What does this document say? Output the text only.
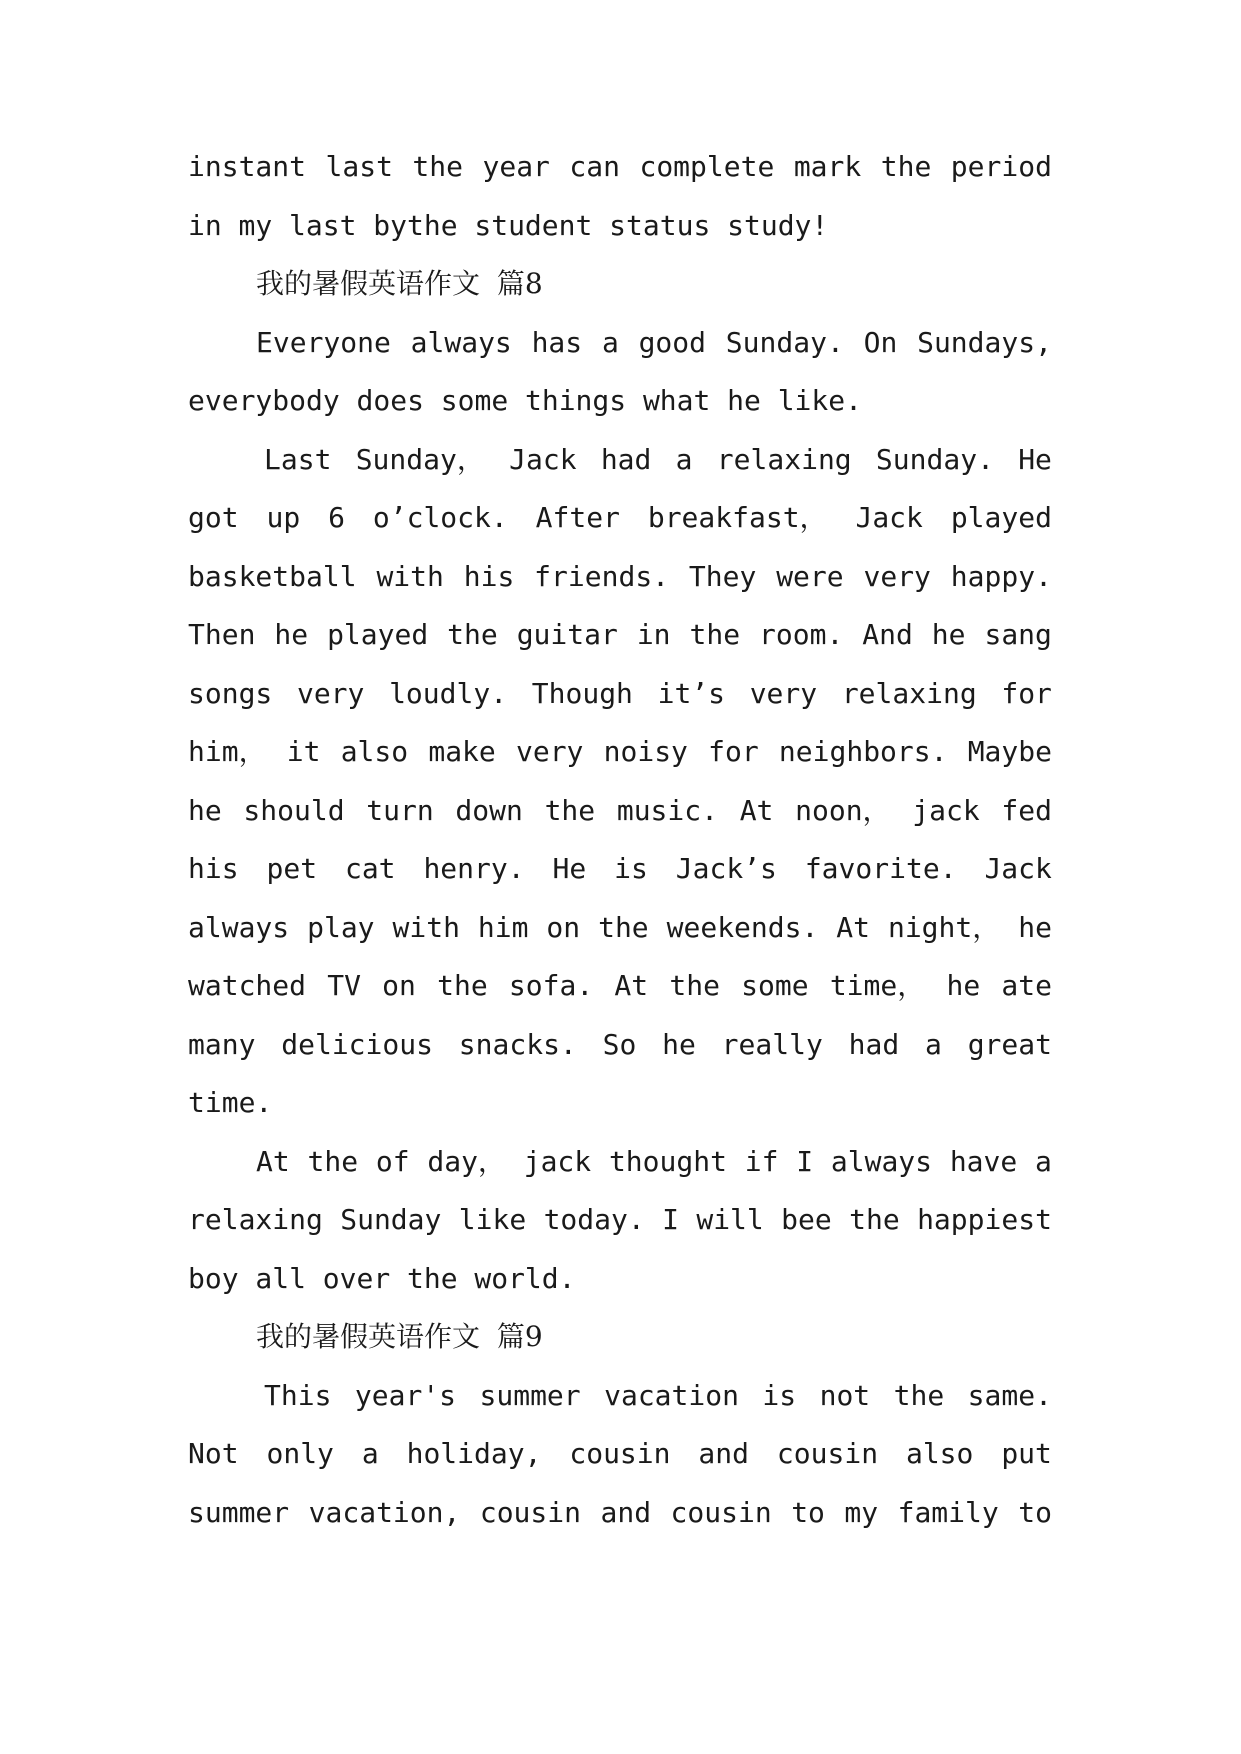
instant last the year can complete mark the period
in my last bythe student status study!
我的暑假英语作文 篇8
Everyone always has a good Sunday. On Sundays,
everybody does some things what he like.
Last Sunday， Jack had a relaxing Sunday. He
got up 6 o’clock. After breakfast， Jack played
basketball with his friends. They were very happy.
Then he played the guitar in the room. And he sang
songs very loudly. Though it’s very relaxing for
him， it also make very noisy for neighbors. Maybe
he should turn down the music. At noon， jack fed
his pet cat henry. He is Jack’s favorite. Jack
always play with him on the weekends. At night， he
watched TV on the sofa. At the some time， he ate
many delicious snacks. So he really had a great
time.
At the of day， jack thought if I always have a
relaxing Sunday like today. I will bee the happiest
boy all over the world.
我的暑假英语作文 篇9
This year's summer vacation is not the same.
Not only a holiday, cousin and cousin also put
summer vacation, cousin and cousin to my family to
